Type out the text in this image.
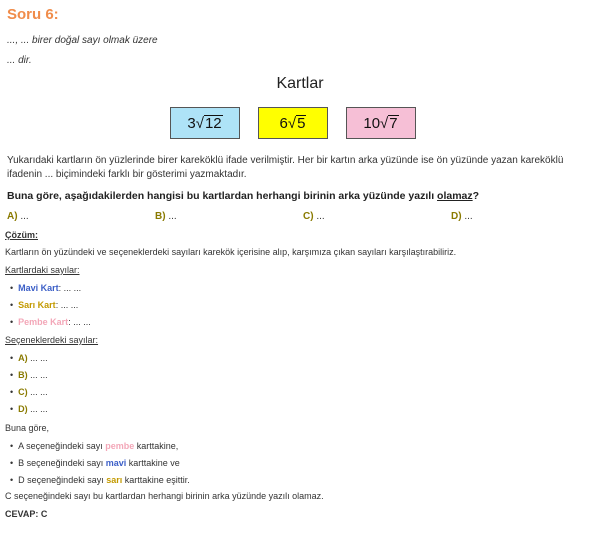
Soru 6:
..., ... birer doğal sayı olmak üzere
... dir.
Kartlar
3 √ 12	6 √ 5	10 √ 7
Yukarıdaki kartların ön yüzlerinde birer kareköklü ifade verilmiştir. Her bir kartın arka yüzünde ise ön yüzünde yazan kareköklü
ifadenin ... biçimindeki farklı bir gösterimi yazmaktadır.
Buna göre, aşağıdakilerden hangisi bu kartlardan herhangi birinin arka yüzünde yazılı olamaz?
A) ...	B) ...	C) ...	D) ...
Çözüm:
Kartların ön yüzündeki ve seçeneklerdeki sayıları karekök içerisine alıp, karşımıza çıkan sayıları karşılaştırabiliriz.
Kartlardaki sayılar:
• Mavi Kart: ... ...
• Sarı Kart: ... ...
• Pembe Kart: ... ...
Seçeneklerdeki sayılar:
• A) ... ...
• B) ... ...
• C) ... ...
• D) ... ...
Buna göre,
• A seçeneğindeki sayı pembe karttakine,
• B seçeneğindeki sayı mavi karttakine ve
• D seçeneğindeki sayı sarı karttakine eşittir.
C seçeneğindeki sayı bu kartlardan herhangi birinin arka yüzünde yazılı olamaz.
CEVAP: C
